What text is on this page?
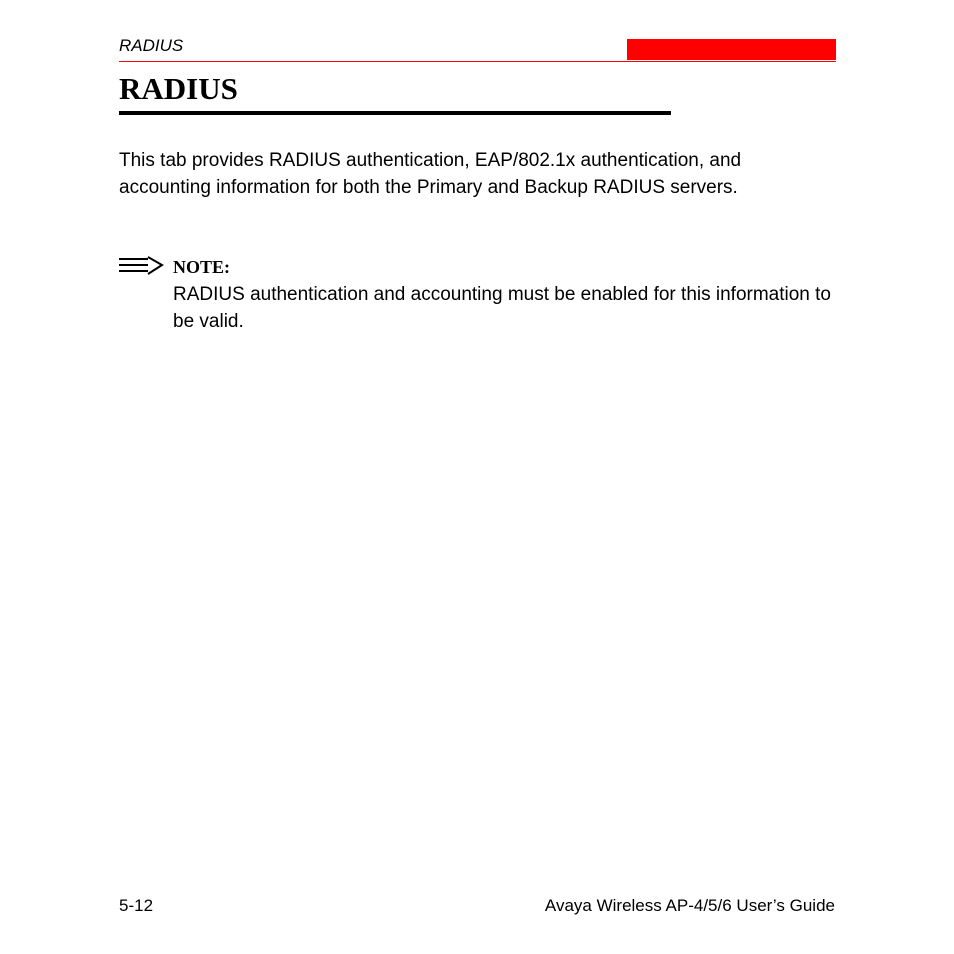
RADIUS
RADIUS

This tab provides RADIUS authentication, EAP/802.1x authentication, and accounting information for both the Primary and Backup RADIUS servers.

NOTE:

RADIUS authentication and accounting must be enabled for this information to be valid.

5-12	Avaya Wireless AP-4/5/6 User’s Guide
